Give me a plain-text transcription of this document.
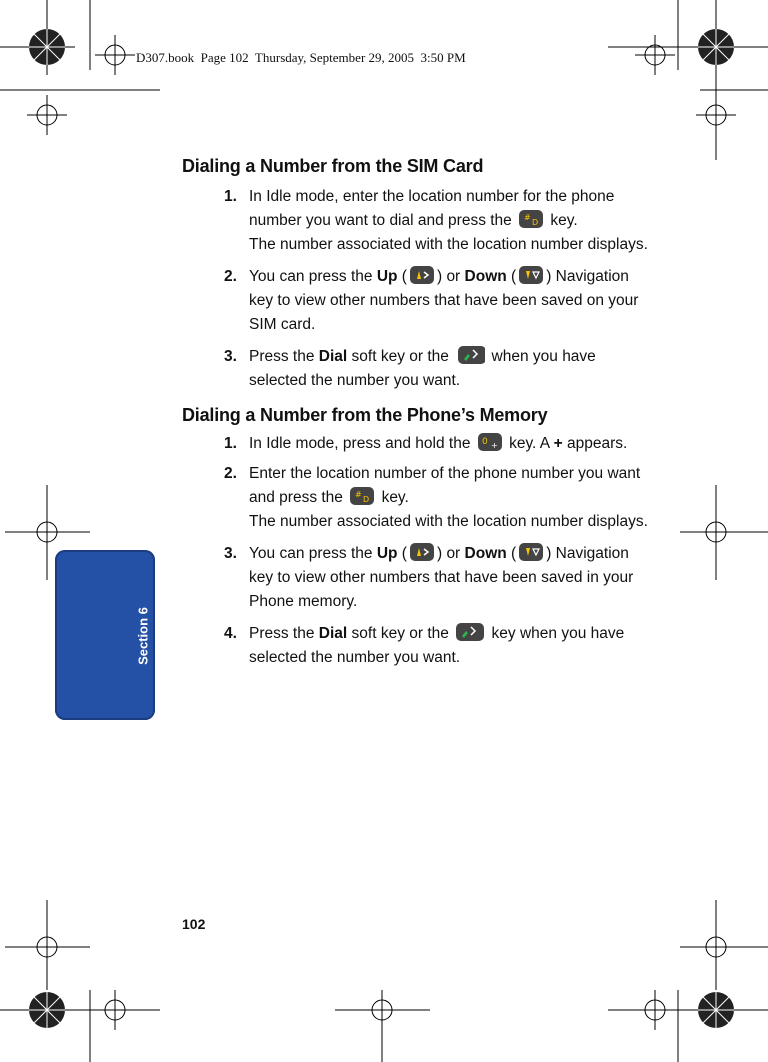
D307.book  Page 102  Thursday, September 29, 2005  3:50 PM
Section 6
Dialing a Number from the SIM Card
1. In Idle mode, enter the location number for the phone number you want to dial and press the #
D key.
The number associated with the location number displays.
2. You can press the Up ( ) or Down ( ) Navigation key to view other numbers that have been saved on your SIM card.
3. Press the Dial soft key or the	when you have selected the number you want.
Dialing a Number from the Phone’s Memory
1. In Idle mode, press and hold the 0 + key. A + appears.
2. Enter the location number of the phone number you want and press the #
D key.
The number associated with the location number displays.
3. You can press the Up ( ) or Down ( ) Navigation key to view other numbers that have been saved in your Phone memory.
4. Press the Dial soft key or the	key when you have selected the number you want.
102
